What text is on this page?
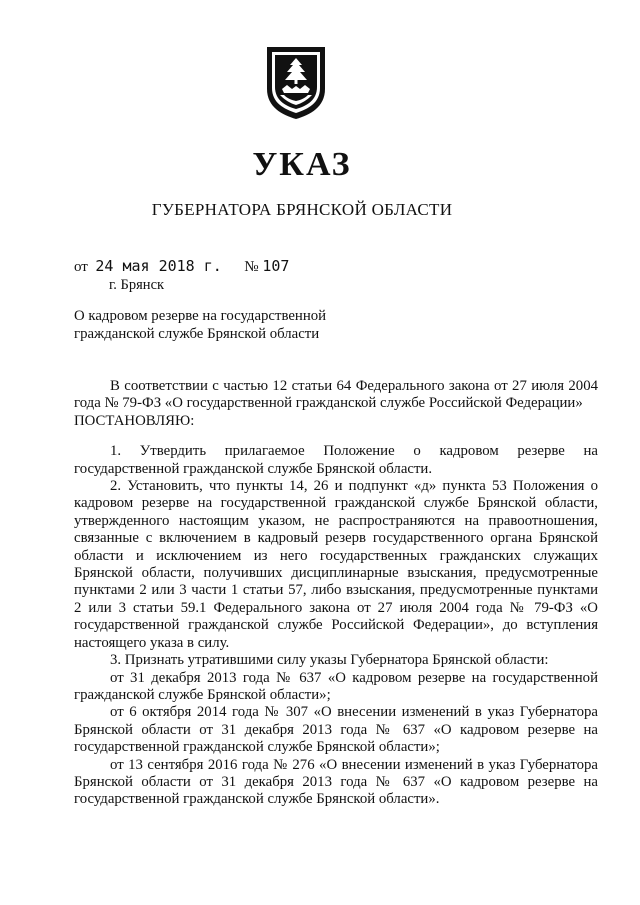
УКАЗ
ГУБЕРНАТОРА БРЯНСКОЙ ОБЛАСТИ
от 24 мая 2018 г. № 107
г. Брянск
О кадровом резерве на государственной гражданской службе Брянской области

В соответствии с частью 12 статьи 64 Федерального закона от 27 июля 2004 года № 79-ФЗ «О государственной гражданской службе Российской Федерации»

ПОСТАНОВЛЯЮ:

1. Утвердить прилагаемое Положение о кадровом резерве на государственной гражданской службе Брянской области.

2. Установить, что пункты 14, 26 и подпункт «д» пункта 53 Положения о кадровом резерве на государственной гражданской службе Брянской области, утвержденного настоящим указом, не распространяются на правоотношения, связанные с включением в кадровый резерв государственного органа Брянской области и исключением из него государственных гражданских служащих Брянской области, получивших дисциплинарные взыскания, предусмотренные пунктами 2 или 3 части 1 статьи 57, либо взыскания, предусмотренные пунктами 2 или 3 статьи 59.1 Федерального закона от 27 июля 2004 года № 79-ФЗ «О государственной гражданской службе Российской Федерации», до вступления настоящего указа в силу.

3. Признать утратившими силу указы Губернатора Брянской области:

от 31 декабря 2013 года № 637 «О кадровом резерве на государственной гражданской службе Брянской области»;

от 6 октября 2014 года № 307 «О внесении изменений в указ Губернатора Брянской области от 31 декабря 2013 года № 637 «О кадровом резерве на государственной гражданской службе Брянской области»;

от 13 сентября 2016 года № 276 «О внесении изменений в указ Губернатора Брянской области от 31 декабря 2013 года № 637 «О кадровом резерве на государственной гражданской службе Брянской области».
